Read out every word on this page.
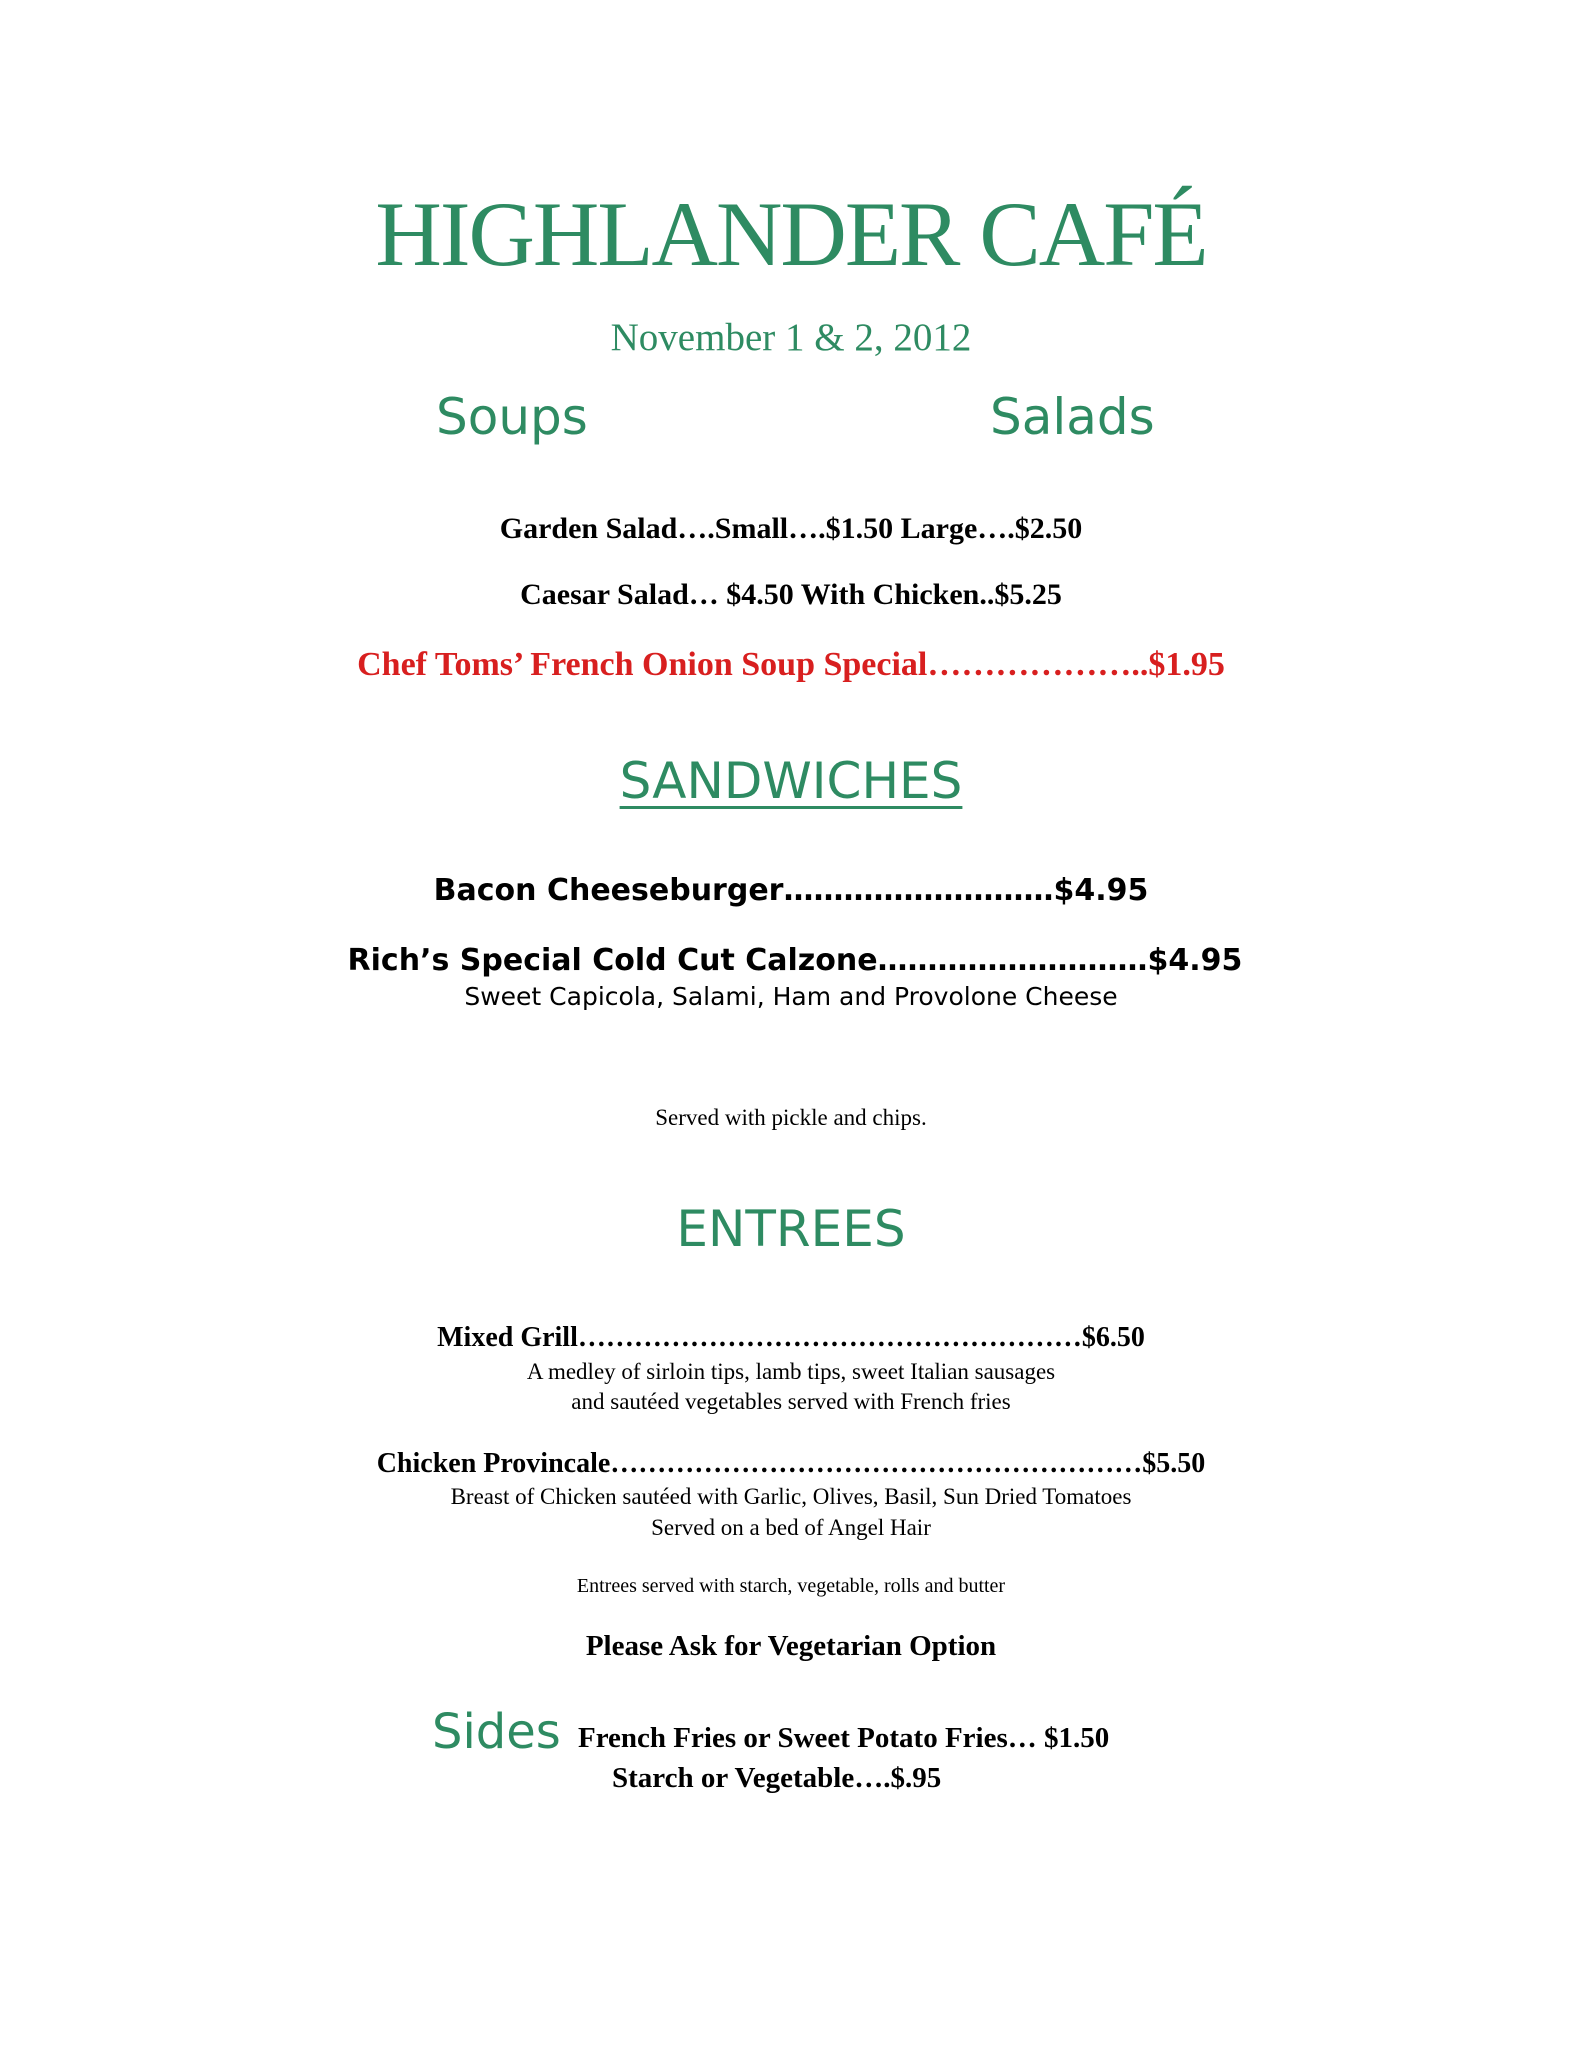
HIGHLANDER CAFÉ
November 1 & 2, 2012
Soups	Salads
Garden Salad….Small….$1.50 Large….$2.50
Caesar Salad… $4.50 With Chicken..$5.25
Chef Toms’ French Onion Soup Special………………..$1.95
SANDWICHES
Bacon Cheeseburger………………………$4.95
Rich’s Special Cold Cut Calzone………………………$4.95
Sweet Capicola, Salami, Ham and Provolone Cheese
Served with pickle and chips.
ENTREES
Mixed Grill………………………………………………$6.50
A medley of sirloin tips, lamb tips, sweet Italian sausages
and sautéed vegetables served with French fries
Chicken Provincale…………………………………………………$5.50
Breast of Chicken sautéed with Garlic, Olives, Basil, Sun Dried Tomatoes
Served on a bed of Angel Hair
Entrees served with starch, vegetable, rolls and butter
Please Ask for Vegetarian Option
Sides French Fries or Sweet Potato Fries… $1.50
Starch or Vegetable….$.95
